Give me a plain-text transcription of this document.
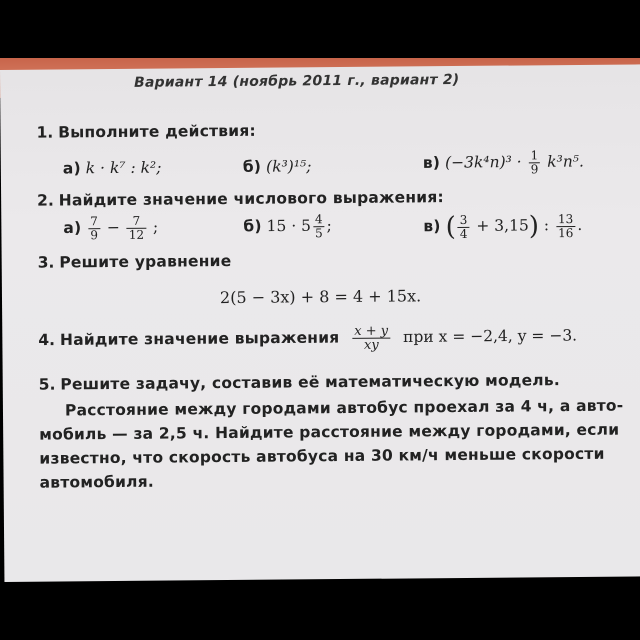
Вариант 14 (ноябрь 2011 г., вариант 2)
1. Выполните действия:
а) k · k⁷ : k²;	б) (k³)¹⁵;	в) $(-3k^4n)^3 \cdot \frac{1}{9} k^3n^5$.
2. Найдите значение числового выражения:
$а) \frac{7}{9} - \frac{7}{12}$ ;	б) $15 \cdot 5 \frac{4}{5}$ ;	в) ( $\frac{3}{4} + 3,15$) : $\frac{13}{16}$ .
3. Решите уравнение
2(5 − 3x) + 8 = 4 + 15x.
4. Найдите значение выражения $\frac{x + y}{xy}$ при x = −2,4, y = −3.
5. Решите задачу, составив её математическую модель.
Расстояние между городами автобус проехал за 4 ч, а авто-
мобиль — за 2,5 ч. Найдите расстояние между городами, если
известно, что скорость автобуса на 30 км/ч меньше скорости
автомобиля.
